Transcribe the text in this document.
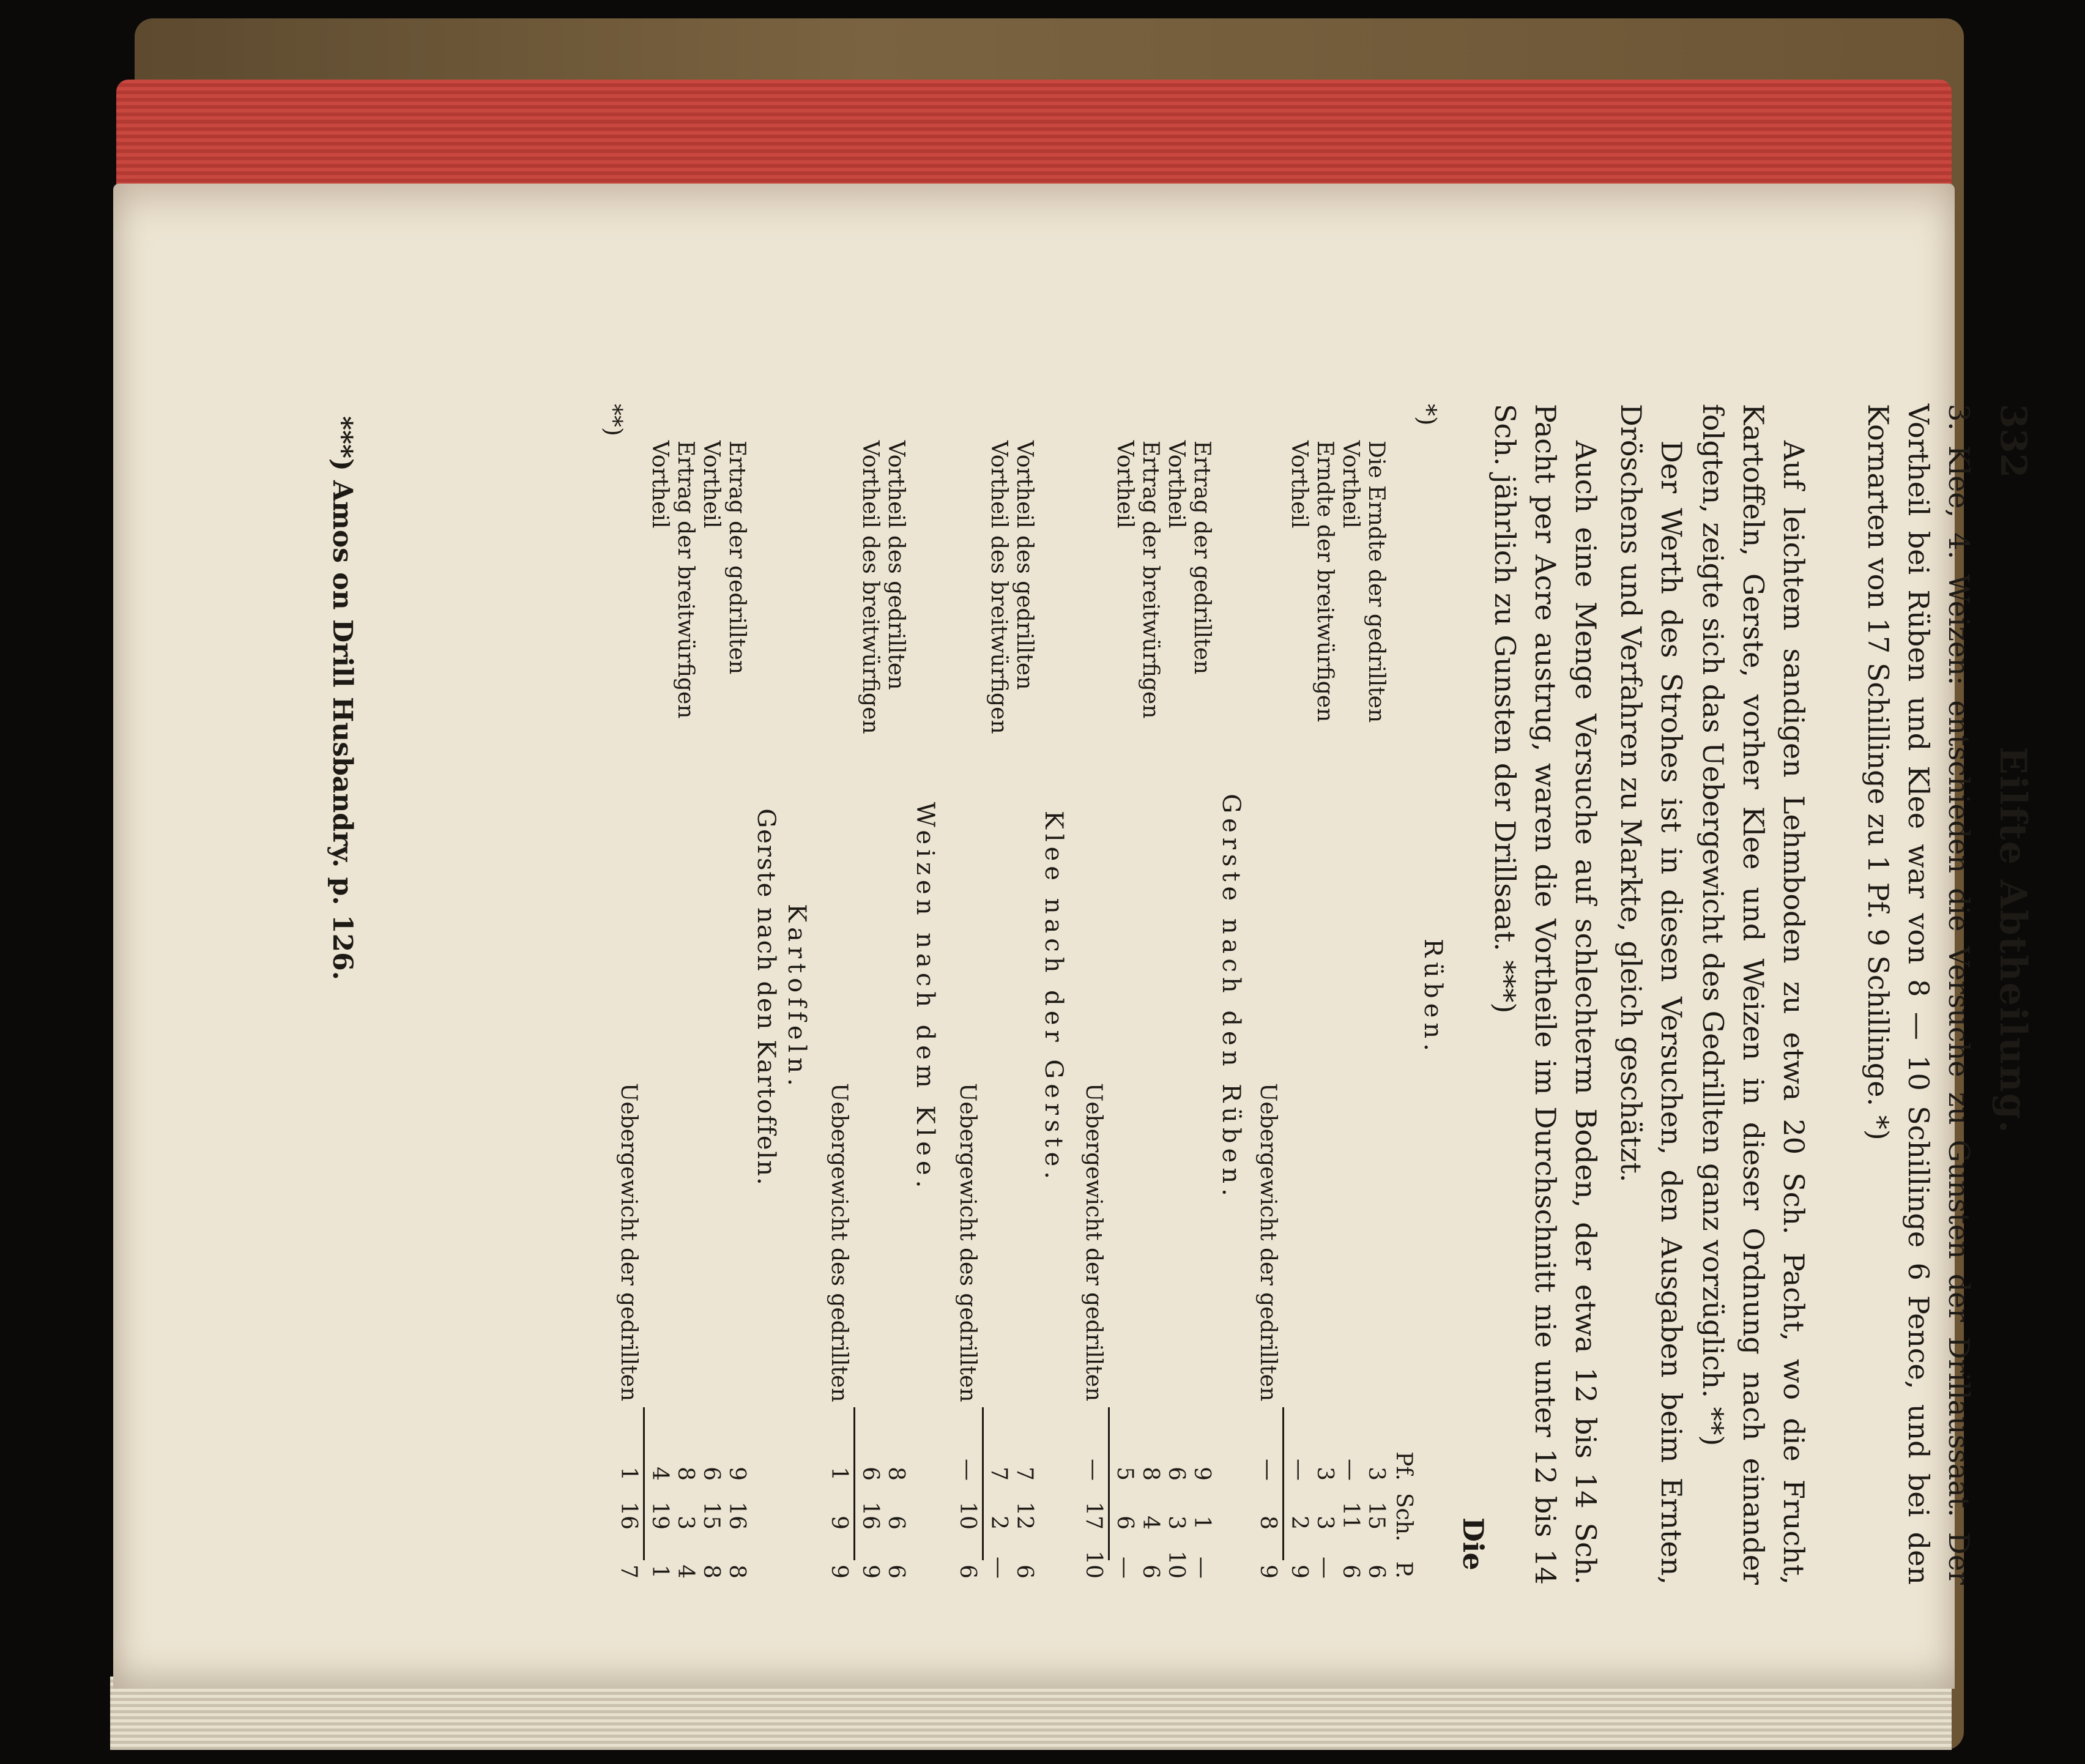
332
Eilfte Abtheilung.

3. Klee, 4. Weizen: entschieden die Versuche zu Gunsten der Drillaussaat. Der Vortheil bei Rüben und Klee war von 8 — 10 Schillinge 6 Pence, und bei den Kornarten von 17 Schillinge zu 1 Pf. 9 Schillinge. *)

Auf leichtem sandigen Lehmboden zu etwa 20 Sch. Pacht, wo die Frucht, Kartoffeln, Gerste, vorher Klee und Weizen in dieser Ordnung nach einander folgten, zeigte sich das Uebergewicht des Gedrillten ganz vorzüglich. **)

Der Werth des Strohes ist in diesen Versuchen, den Ausgaben beim Ernten, Dröschens und Verfahren zu Markte, gleich geschätzt.

Auch eine Menge Versuche auf schlechterm Boden, der etwa 12 bis 14 Sch. Pacht per Acre austrug, waren die Vortheile im Durchschnitt nie unter 12 bis 14 Sch. jährlich zu Gunsten der Drillsaat. ***)

Die
*)
Rüben.
Pf.
Sch.
P.
Die Erndte der gedrillten
3
15
6
Vortheil
—
11
6
Erndte der breitwürfigen
3
3
—
Vortheil
—
2
9
Uebergewicht der gedrillten
—
8
9
Gerste nach den Rüben.
Ertrag der gedrillten
9
1
—
Vortheil
6
3
10
Ertrag der breitwürfigen
8
4
6
Vortheil
5
6
—
Uebergewicht der gedrillten
—
17
10
Klee nach der Gerste.
Vortheil des gedrillten
7
12
6
Vortheil des breitwürfigen
7
2
—
Uebergewicht des gedrillten
—
10
6
Weizen nach dem Klee.
Vortheil des gedrillten
8
6
6
Vortheil des breitwürfigen
6
16
9
Uebergewicht des gedrillten
1
9
9
**)
Kartoffeln.
Gerste nach den Kartoffeln.
Ertrag der gedrillten
9
16
8
Vortheil
6
15
8
Ertrag der breitwürfigen
8
3
4
Vortheil
4
19
1
Uebergewicht der gedrillten
1
16
7
***) Amos on Drill Husbandry. p. 126.
